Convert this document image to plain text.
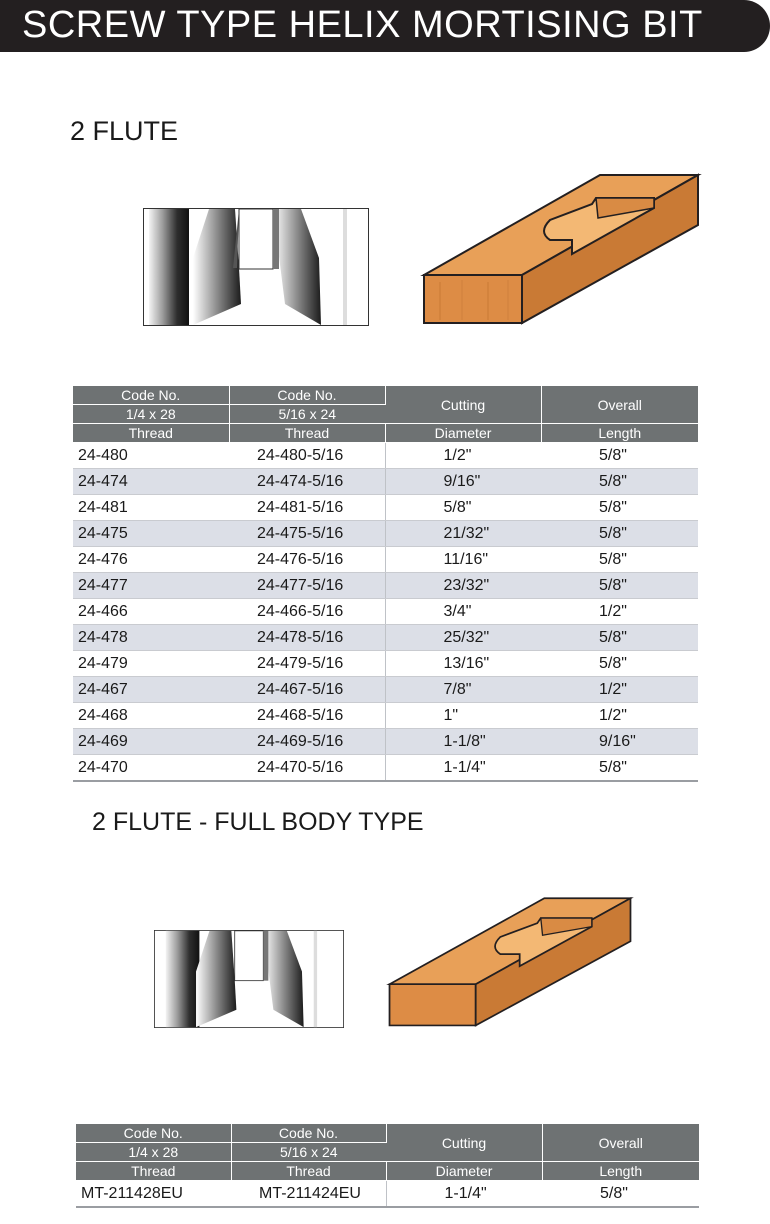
SCREW TYPE HELIX MORTISING BIT
2 FLUTE
Code No.	Code No.	Cutting	Overall
1/4 x 28	5/16 x 24		
Thread	Thread	Diameter	Length
24-480	24-480-5/16	1/2"	5/8"
24-474	24-474-5/16	9/16"	5/8"
24-481	24-481-5/16	5/8"	5/8"
24-475	24-475-5/16	21/32"	5/8"
24-476	24-476-5/16	11/16"	5/8"
24-477	24-477-5/16	23/32"	5/8"
24-466	24-466-5/16	3/4"	1/2"
24-478	24-478-5/16	25/32"	5/8"
24-479	24-479-5/16	13/16"	5/8"
24-467	24-467-5/16	7/8"	1/2"
24-468	24-468-5/16	1"	1/2"
24-469	24-469-5/16	1-1/8"	9/16"
24-470	24-470-5/16	1-1/4"	5/8"
2 FLUTE - FULL BODY TYPE
Code No.	Code No.	Cutting	Overall
1/4 x 28	5/16 x 24		
Thread	Thread	Diameter	Length
MT-211428EU	MT-211424EU	1-1/4"	5/8"
